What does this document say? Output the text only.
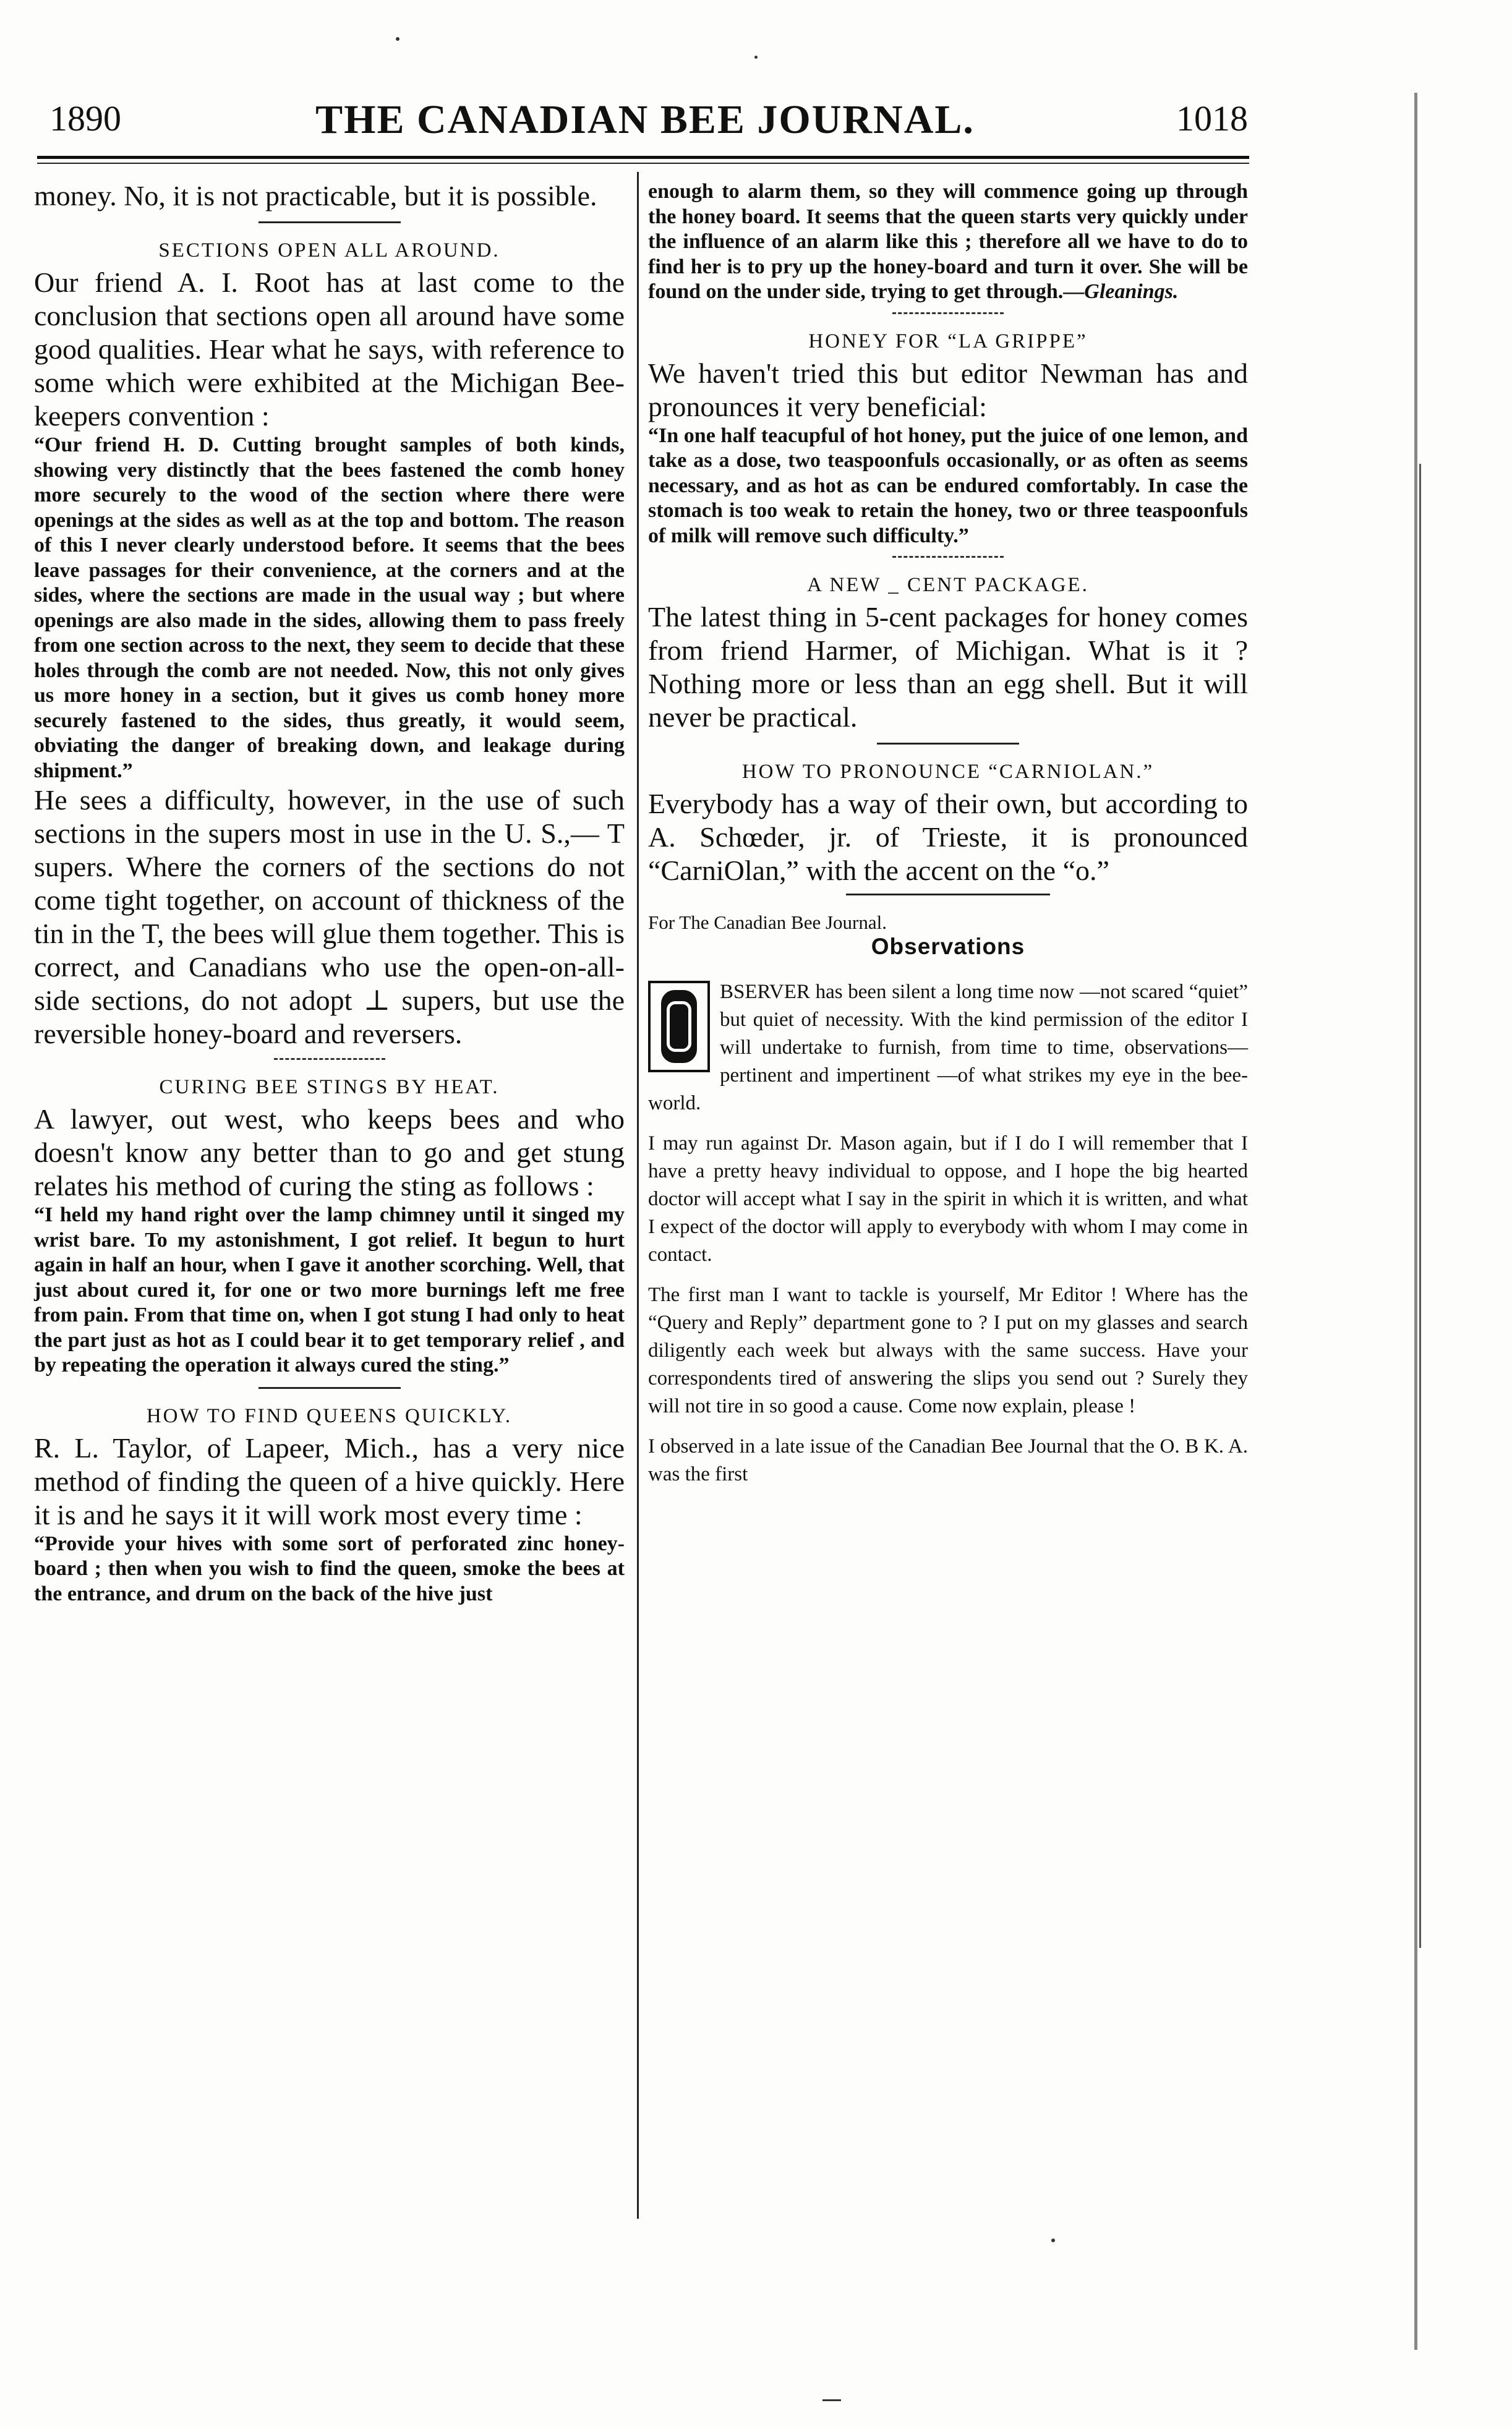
1890	THE CANADIAN BEE JOURNAL.	1018

money. No, it is not practicable, but it is possible.

SECTIONS OPEN ALL AROUND.

Our friend A. I. Root has at last come to the conclusion that sections open all around have some good qualities. Hear what he says, with reference to some which were exhibited at the Michigan Bee-keepers convention :

“Our friend H. D. Cutting brought samples of both kinds, showing very distinctly that the bees fastened the comb honey more securely to the wood of the section where there were openings at the sides as well as at the top and bottom. The reason of this I never clearly understood before. It seems that the bees leave passages for their convenience, at the corners and at the sides, where the sections are made in the usual way ; but where openings are also made in the sides, allowing them to pass freely from one section across to the next, they seem to decide that these holes through the comb are not needed. Now, this not only gives us more honey in a section, but it gives us comb honey more securely fastened to the sides, thus greatly, it would seem, obviating the danger of breaking down, and leakage during shipment.”

He sees a difficulty, however, in the use of such sections in the supers most in use in the U. S.,— T supers. Where the corners of the sections do not come tight together, on account of thickness of the tin in the T, the bees will glue them together. This is correct, and Canadians who use the open-on-all-side sections, do not adopt ⊥ supers, but use the reversible honey-board and reversers.

CURING BEE STINGS BY HEAT.

A lawyer, out west, who keeps bees and who doesn't know any better than to go and get stung relates his method of curing the sting as follows :

“I held my hand right over the lamp chimney until it singed my wrist bare. To my astonishment, I got relief. It begun to hurt again in half an hour, when I gave it another scorching. Well, that just about cured it, for one or two more burnings left me free from pain. From that time on, when I got stung I had only to heat the part just as hot as I could bear it to get temporary relief , and by repeating the operation it always cured the sting.”

HOW TO FIND QUEENS QUICKLY.

R. L. Taylor, of Lapeer, Mich., has a very nice method of finding the queen of a hive quickly. Here it is and he says it it will work most every time :

“Provide your hives with some sort of perforated zinc honey-board ; then when you wish to find the queen, smoke the bees at the entrance, and drum on the back of the hive just

enough to alarm them, so they will commence going up through the honey board. It seems that the queen starts very quickly under the influence of an alarm like this ; therefore all we have to do to find her is to pry up the honey-board and turn it over. She will be found on the under side, trying to get through.—Gleanings.

HONEY FOR “LA GRIPPE”

We haven't tried this but editor Newman has and pronounces it very beneficial:

“In one half teacupful of hot honey, put the juice of one lemon, and take as a dose, two teaspoonfuls occasionally, or as often as seems necessary, and as hot as can be endured comfortably. In case the stomach is too weak to retain the honey, two or three teaspoonfuls of milk will remove such difficulty.”

A NEW _ CENT PACKAGE.

The latest thing in 5-cent packages for honey comes from friend Harmer, of Michigan. What is it ? Nothing more or less than an egg shell. But it will never be practical.

HOW TO PRONOUNCE “CARNIOLAN.”

Everybody has a way of their own, but according to A. Schœder, jr. of Trieste, it is pronounced “CarniOlan,” with the accent on the “o.”

For The Canadian Bee Journal.

Observations

BSERVER has been silent a long time now —not scared “quiet” but quiet of necessity. With the kind permission of the editor I will undertake to furnish, from time to time, observations—pertinent and impertinent —of what strikes my eye in the bee-world.

I may run against Dr. Mason again, but if I do I will remember that I have a pretty heavy individual to oppose, and I hope the big hearted doctor will accept what I say in the spirit in which it is written, and what I expect of the doctor will apply to everybody with whom I may come in contact.

The first man I want to tackle is yourself, Mr Editor ! Where has the “Query and Reply” department gone to ? I put on my glasses and search diligently each week but always with the same success. Have your correspondents tired of answering the slips you send out ? Surely they will not tire in so good a cause. Come now explain, please !

I observed in a late issue of the Canadian Bee Journal that the O. B K. A. was the first
